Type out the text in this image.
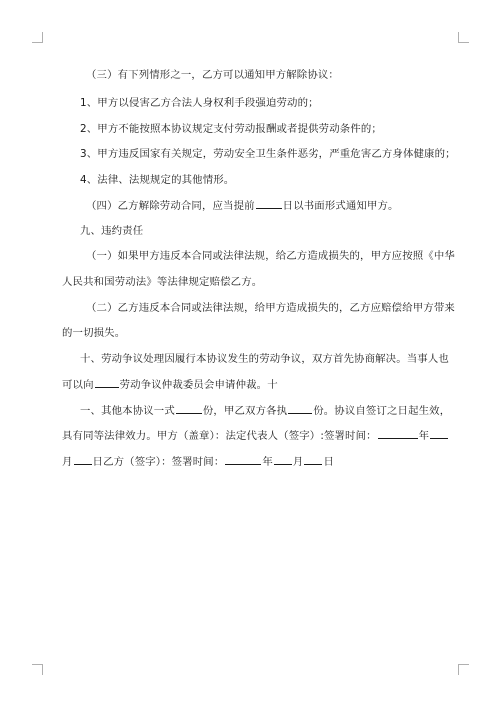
（三）有下列情形之一，乙方可以通知甲方解除协议：
1、甲方以侵害乙方合法人身权利手段强迫劳动的；
2、甲方不能按照本协议规定支付劳动报酬或者提供劳动条件的；
3、甲方违反国家有关规定，劳动安全卫生条件恶劣，严重危害乙方身体健康的；
4、法律、法规规定的其他情形。
（四）乙方解除劳动合同，应当提前	日以书面形式通知甲方。
九、违约责任
（一）如果甲方违反本合同或法律法规，给乙方造成损失的，甲方应按照《中华
人民共和国劳动法》等法律规定赔偿乙方。
（二）乙方违反本合同或法律法规，给甲方造成损失的，乙方应赔偿给甲方带来
的一切损失。
十、劳动争议处理因履行本协议发生的劳动争议，双方首先协商解决。当事人也
可以向	劳动争议仲裁委员会申请仲裁。十
一、其他本协议一式	份，甲乙双方各执	份。协议自签订之日起生效，
具有同等法律效力。甲方（盖章）：法定代表人（签字）:签署时间：	年
月 日乙方（签字）：签署时间：	年 月 日
